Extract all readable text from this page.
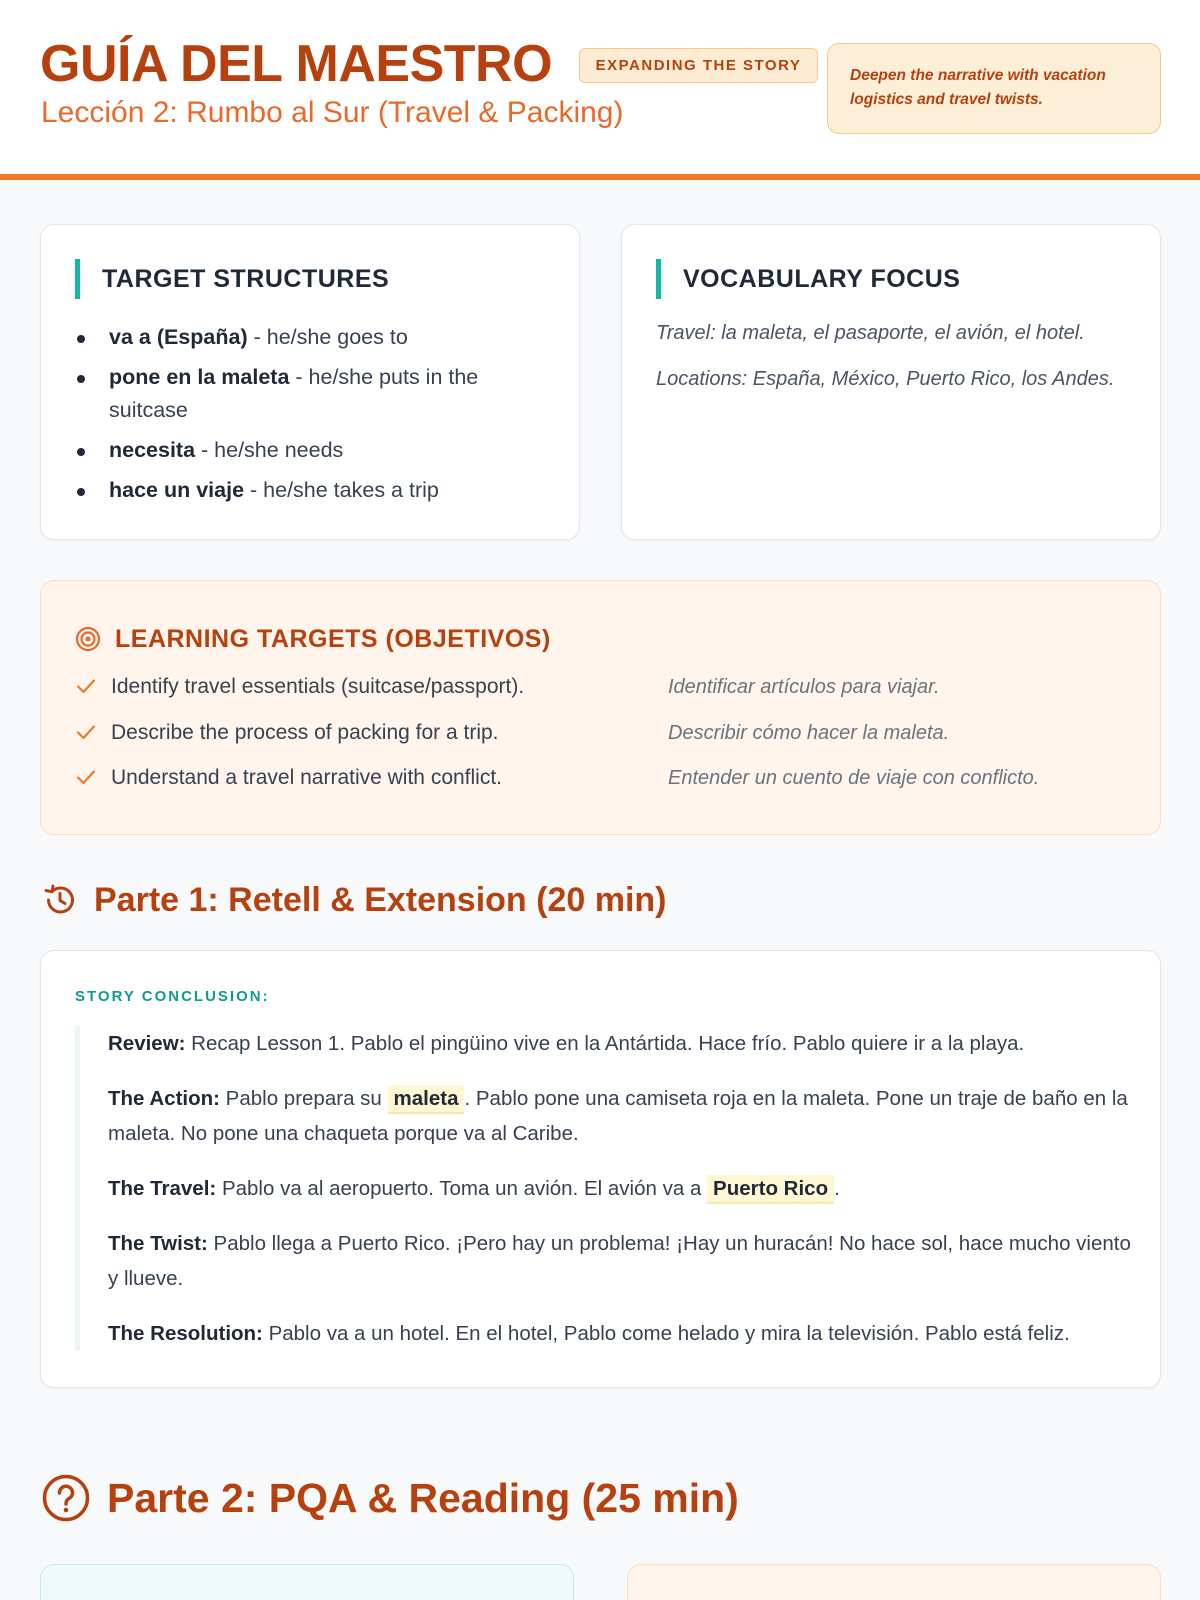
GUÍA DEL MAESTRO
Lección 2: Rumbo al Sur (Travel & Packing)
EXPANDING THE STORY
Deepen the narrative with vacation logistics and travel twists.
TARGET STRUCTURES
va a (España) - he/she goes to
pone en la maleta - he/she puts in the suitcase
necesita - he/she needs
hace un viaje - he/she takes a trip
VOCABULARY FOCUS

Travel: la maleta, el pasaporte, el avión, el hotel.

Locations: España, México, Puerto Rico, los Andes.

LEARNING TARGETS (OBJETIVOS)
Identify travel essentials (suitcase/passport).	Identificar artículos para viajar.
Describe the process of packing for a trip.	Describir cómo hacer la maleta.
Understand a travel narrative with conflict.	Entender un cuento de viaje con conflicto.
Parte 1: Retell & Extension (20 min)
STORY CONCLUSION:

Review: Recap Lesson 1. Pablo el pingüino vive en la Antártida. Hace frío. Pablo quiere ir a la playa.

The Action: Pablo prepara su maleta . Pablo pone una camiseta roja en la maleta. Pone un traje de baño en la maleta. No pone una chaqueta porque va al Caribe.

The Travel: Pablo va al aeropuerto. Toma un avión. El avión va a Puerto Rico .

The Twist: Pablo llega a Puerto Rico. ¡Pero hay un problema! ¡Hay un huracán! No hace sol, hace mucho viento y llueve.

The Resolution: Pablo va a un hotel. En el hotel, Pablo come helado y mira la televisión. Pablo está feliz.

Parte 2: PQA & Reading (25 min)
